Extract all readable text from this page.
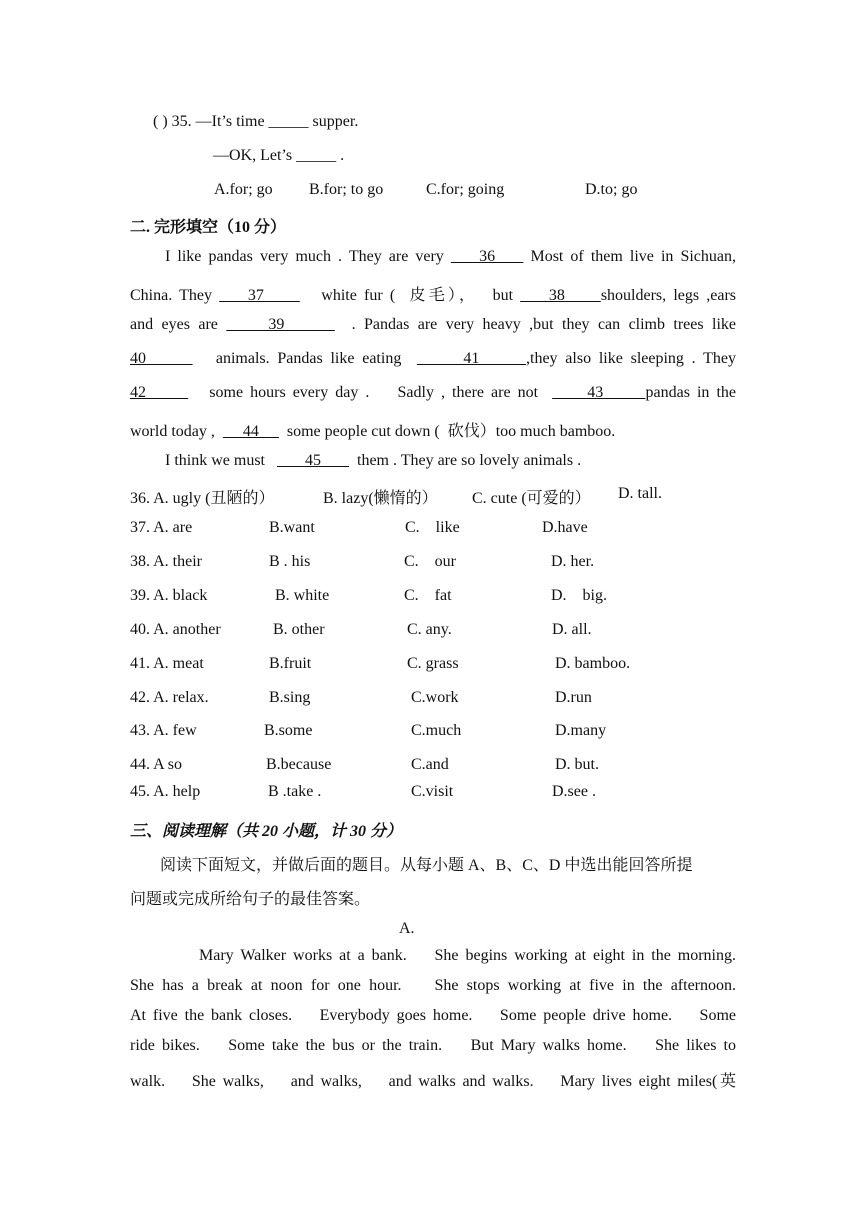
( ) 35. —It’s time _____ supper.
—OK, Let’s _____ .
A.for; go B.for; to go	C.for; going	D.to; go
二. 完形填空（10 分）
I like pandas very much . They are very     36     Most of them live in Sichuan,
China. They     37        white fur (  皮毛），  but     38     shoulders, legs ,ears
and eyes are      39        . Pandas are very heavy ,but they can climb trees like
40         animals. Pandas like eating        41      ,they also like sleeping . They
42         some hours every day .    Sadly , there are not       43      pandas in the
world today ,       44       some people cut down (  砍伐）too much bamboo.
I think we must          45         them . They are so lovely animals .
36. A. ugly (丑陋的）	B. lazy(懒惰的） C. cute (可爱的） D. tall.
37. A. are	B.want	C.    like	D.have
38. A. their	B . his	C.    our	D. her.
39. A. black	B. white	C.    fat	D.    big.
40. A. another	B. other	C. any.	D. all.
41. A. meat	B.fruit	C. grass	D. bamboo.
42. A. relax.	B.sing	C.work	D.run
43. A. few	B.some	C.much	D.many
44. A so	B.because	C.and	D. but.
45. A. help	B .take .	C.visit	D.see .
三、阅读理解（共 20 小题，计 30 分）
阅读下面短文，并做后面的题目。从每小题 A、B、C、D 中选出能回答所提
问题或完成所给句子的最佳答案。
A.
Mary Walker works at a bank.    She begins working at eight in the morning.
She has a break at noon for one hour.    She stops working at five in the afternoon.
At five the bank closes.    Everybody goes home.    Some people drive home.    Some
ride bikes.    Some take the bus or the train.    But Mary walks home.    She likes to
walk.    She walks,    and walks,    and walks and walks.    Mary lives eight miles(英
